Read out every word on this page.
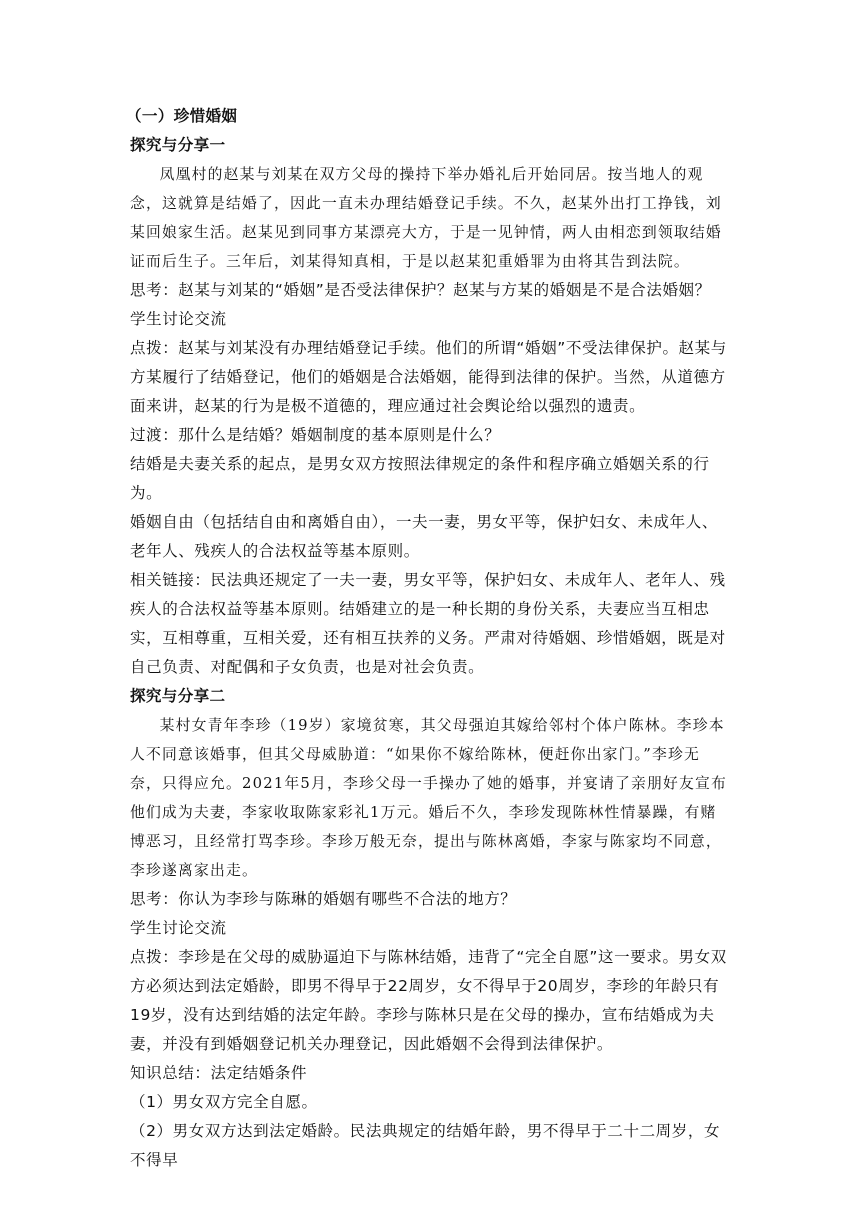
（一）珍惜婚姻

探究与分享一

凤凰村的赵某与刘某在双方父母的操持下举办婚礼后开始同居。按当地人的观念，这就算是结婚了，因此一直未办理结婚登记手续。不久，赵某外出打工挣钱，刘某回娘家生活。赵某见到同事方某漂亮大方，于是一见钟情，两人由相恋到领取结婚证而后生子。三年后，刘某得知真相，于是以赵某犯重婚罪为由将其告到法院。

思考：赵某与刘某的“婚姻”是否受法律保护？赵某与方某的婚姻是不是合法婚姻？

学生讨论交流

点拨：赵某与刘某没有办理结婚登记手续。他们的所谓“婚姻”不受法律保护。赵某与方某履行了结婚登记，他们的婚姻是合法婚姻，能得到法律的保护。当然，从道德方面来讲，赵某的行为是极不道德的，理应通过社会舆论给以强烈的遗责。

过渡：那什么是结婚？婚姻制度的基本原则是什么？

结婚是夫妻关系的起点，是男女双方按照法律规定的条件和程序确立婚姻关系的行为。

婚姻自由（包括结自由和离婚自由），一夫一妻，男女平等，保护妇女、未成年人、老年人、残疾人的合法权益等基本原则。

相关链接：民法典还规定了一夫一妻，男女平等，保护妇女、未成年人、老年人、残疾人的合法权益等基本原则。结婚建立的是一种长期的身份关系，夫妻应当互相忠实，互相尊重，互相关爱，还有相互扶养的义务。严肃对待婚姻、珍惜婚姻，既是对自己负责、对配偶和子女负责，也是对社会负责。

探究与分享二

某村女青年李珍（19岁）家境贫寒，其父母强迫其嫁给邻村个体户陈林。李珍本人不同意该婚事，但其父母威胁道：“如果你不嫁给陈林，便赶你出家门。”李珍无奈，只得应允。2021年5月，李珍父母一手操办了她的婚事，并宴请了亲朋好友宣布他们成为夫妻，李家收取陈家彩礼1万元。婚后不久，李珍发现陈林性情暴躁，有赌博恶习，且经常打骂李珍。李珍万般无奈，提出与陈林离婚，李家与陈家均不同意，李珍遂离家出走。

思考：你认为李珍与陈琳的婚姻有哪些不合法的地方？

学生讨论交流

点拨：李珍是在父母的威胁逼迫下与陈林结婚，违背了“完全自愿”这一要求。男女双方必须达到法定婚龄，即男不得早于22周岁，女不得早于20周岁，李珍的年龄只有19岁，没有达到结婚的法定年龄。李珍与陈林只是在父母的操办，宣布结婚成为夫妻，并没有到婚姻登记机关办理登记，因此婚姻不会得到法律保护。

知识总结：法定结婚条件

（1）男女双方完全自愿。

（2）男女双方达到法定婚龄。民法典规定的结婚年龄，男不得早于二十二周岁，女不得早
